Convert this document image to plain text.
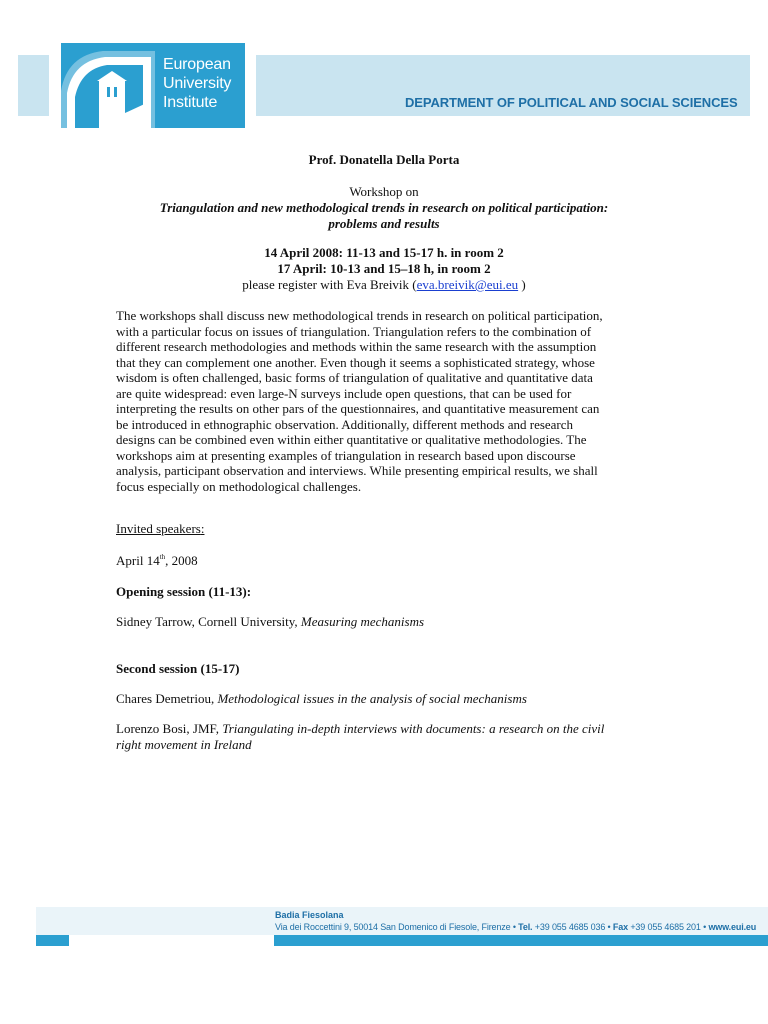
European
University
Institute	DEPARTMENT OF POLITICAL AND SOCIAL SCIENCES
Prof. Donatella Della Porta
Workshop on
Triangulation and new methodological trends in research on political participation:
problems and results
14 April 2008: 11-13 and 15-17 h. in room 2
17 April: 10-13 and 15–18 h, in room 2
please register with Eva Breivik (eva.breivik@eui.eu )
The workshops shall discuss new methodological trends in research on political participation,
with a particular focus on issues of triangulation. Triangulation refers to the combination of
different research methodologies and methods within the same research with the assumption
that they can complement one another. Even though it seems a sophisticated strategy, whose
wisdom is often challenged, basic forms of triangulation of qualitative and quantitative data
are quite widespread: even large-N surveys include open questions, that can be used for
interpreting the results on other pars of the questionnaires, and quantitative measurement can
be introduced in ethnographic observation. Additionally, different methods and research
designs can be combined even within either quantitative or qualitative methodologies. The
workshops aim at presenting examples of triangulation in research based upon discourse
analysis, participant observation and interviews. While presenting empirical results, we shall
focus especially on methodological challenges.
Invited speakers:
April 14th, 2008
Opening session (11-13):
Sidney Tarrow, Cornell University, Measuring mechanisms
Second session (15-17)
Chares Demetriou, Methodological issues in the analysis of social mechanisms
Lorenzo Bosi, JMF, Triangulating in-depth interviews with documents: a research on the civil
right movement in Ireland
Badia Fiesolana
Via dei Roccettini 9, 50014 San Domenico di Fiesole, Firenze • Tel. +39 055 4685 036 • Fax +39 055 4685 201 • www.eui.eu
